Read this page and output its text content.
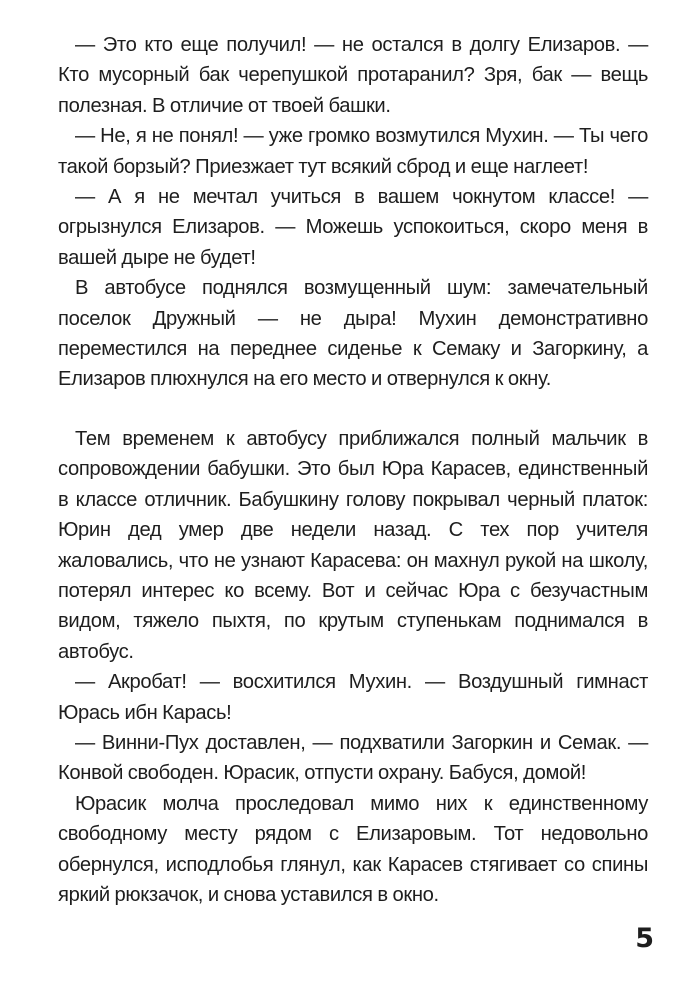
— Это кто еще получил! — не остался в долгу Елизаров. — Кто мусорный бак черепушкой протаранил? Зря, бак — вещь полезная. В отличие от твоей башки.

— Не, я не понял! — уже громко возмутился Мухин. — Ты чего такой борзый? Приезжает тут всякий сброд и еще наглеет!

— А я не мечтал учиться в вашем чокнутом классе! — огрызнулся Елизаров. — Можешь успокоиться, скоро меня в вашей дыре не будет!

В автобусе поднялся возмущенный шум: замечательный поселок Дружный — не дыра! Мухин демонстративно переместился на переднее сиденье к Семаку и Загоркину, а Елизаров плюхнулся на его место и отвернулся к окну.

Тем временем к автобусу приближался полный мальчик в сопровождении бабушки. Это был Юра Карасев, единственный в классе отличник. Бабушкину голову покрывал черный платок: Юрин дед умер две недели назад. С тех пор учителя жаловались, что не узнают Карасева: он махнул рукой на школу, потерял интерес ко всему. Вот и сейчас Юра с безучастным видом, тяжело пыхтя, по крутым ступенькам поднимался в автобус.

— Акробат! — восхитился Мухин. — Воздушный гимнаст Юрась ибн Карась!

— Винни-Пух доставлен, — подхватили Загоркин и Семак. — Конвой свободен. Юрасик, отпусти охрану. Бабуся, домой!

Юрасик молча проследовал мимо них к единственному свободному месту рядом с Елизаровым. Тот недовольно обернулся, исподлобья глянул, как Карасев стягивает со спины яркий рюкзачок, и снова уставился в окно.

5
